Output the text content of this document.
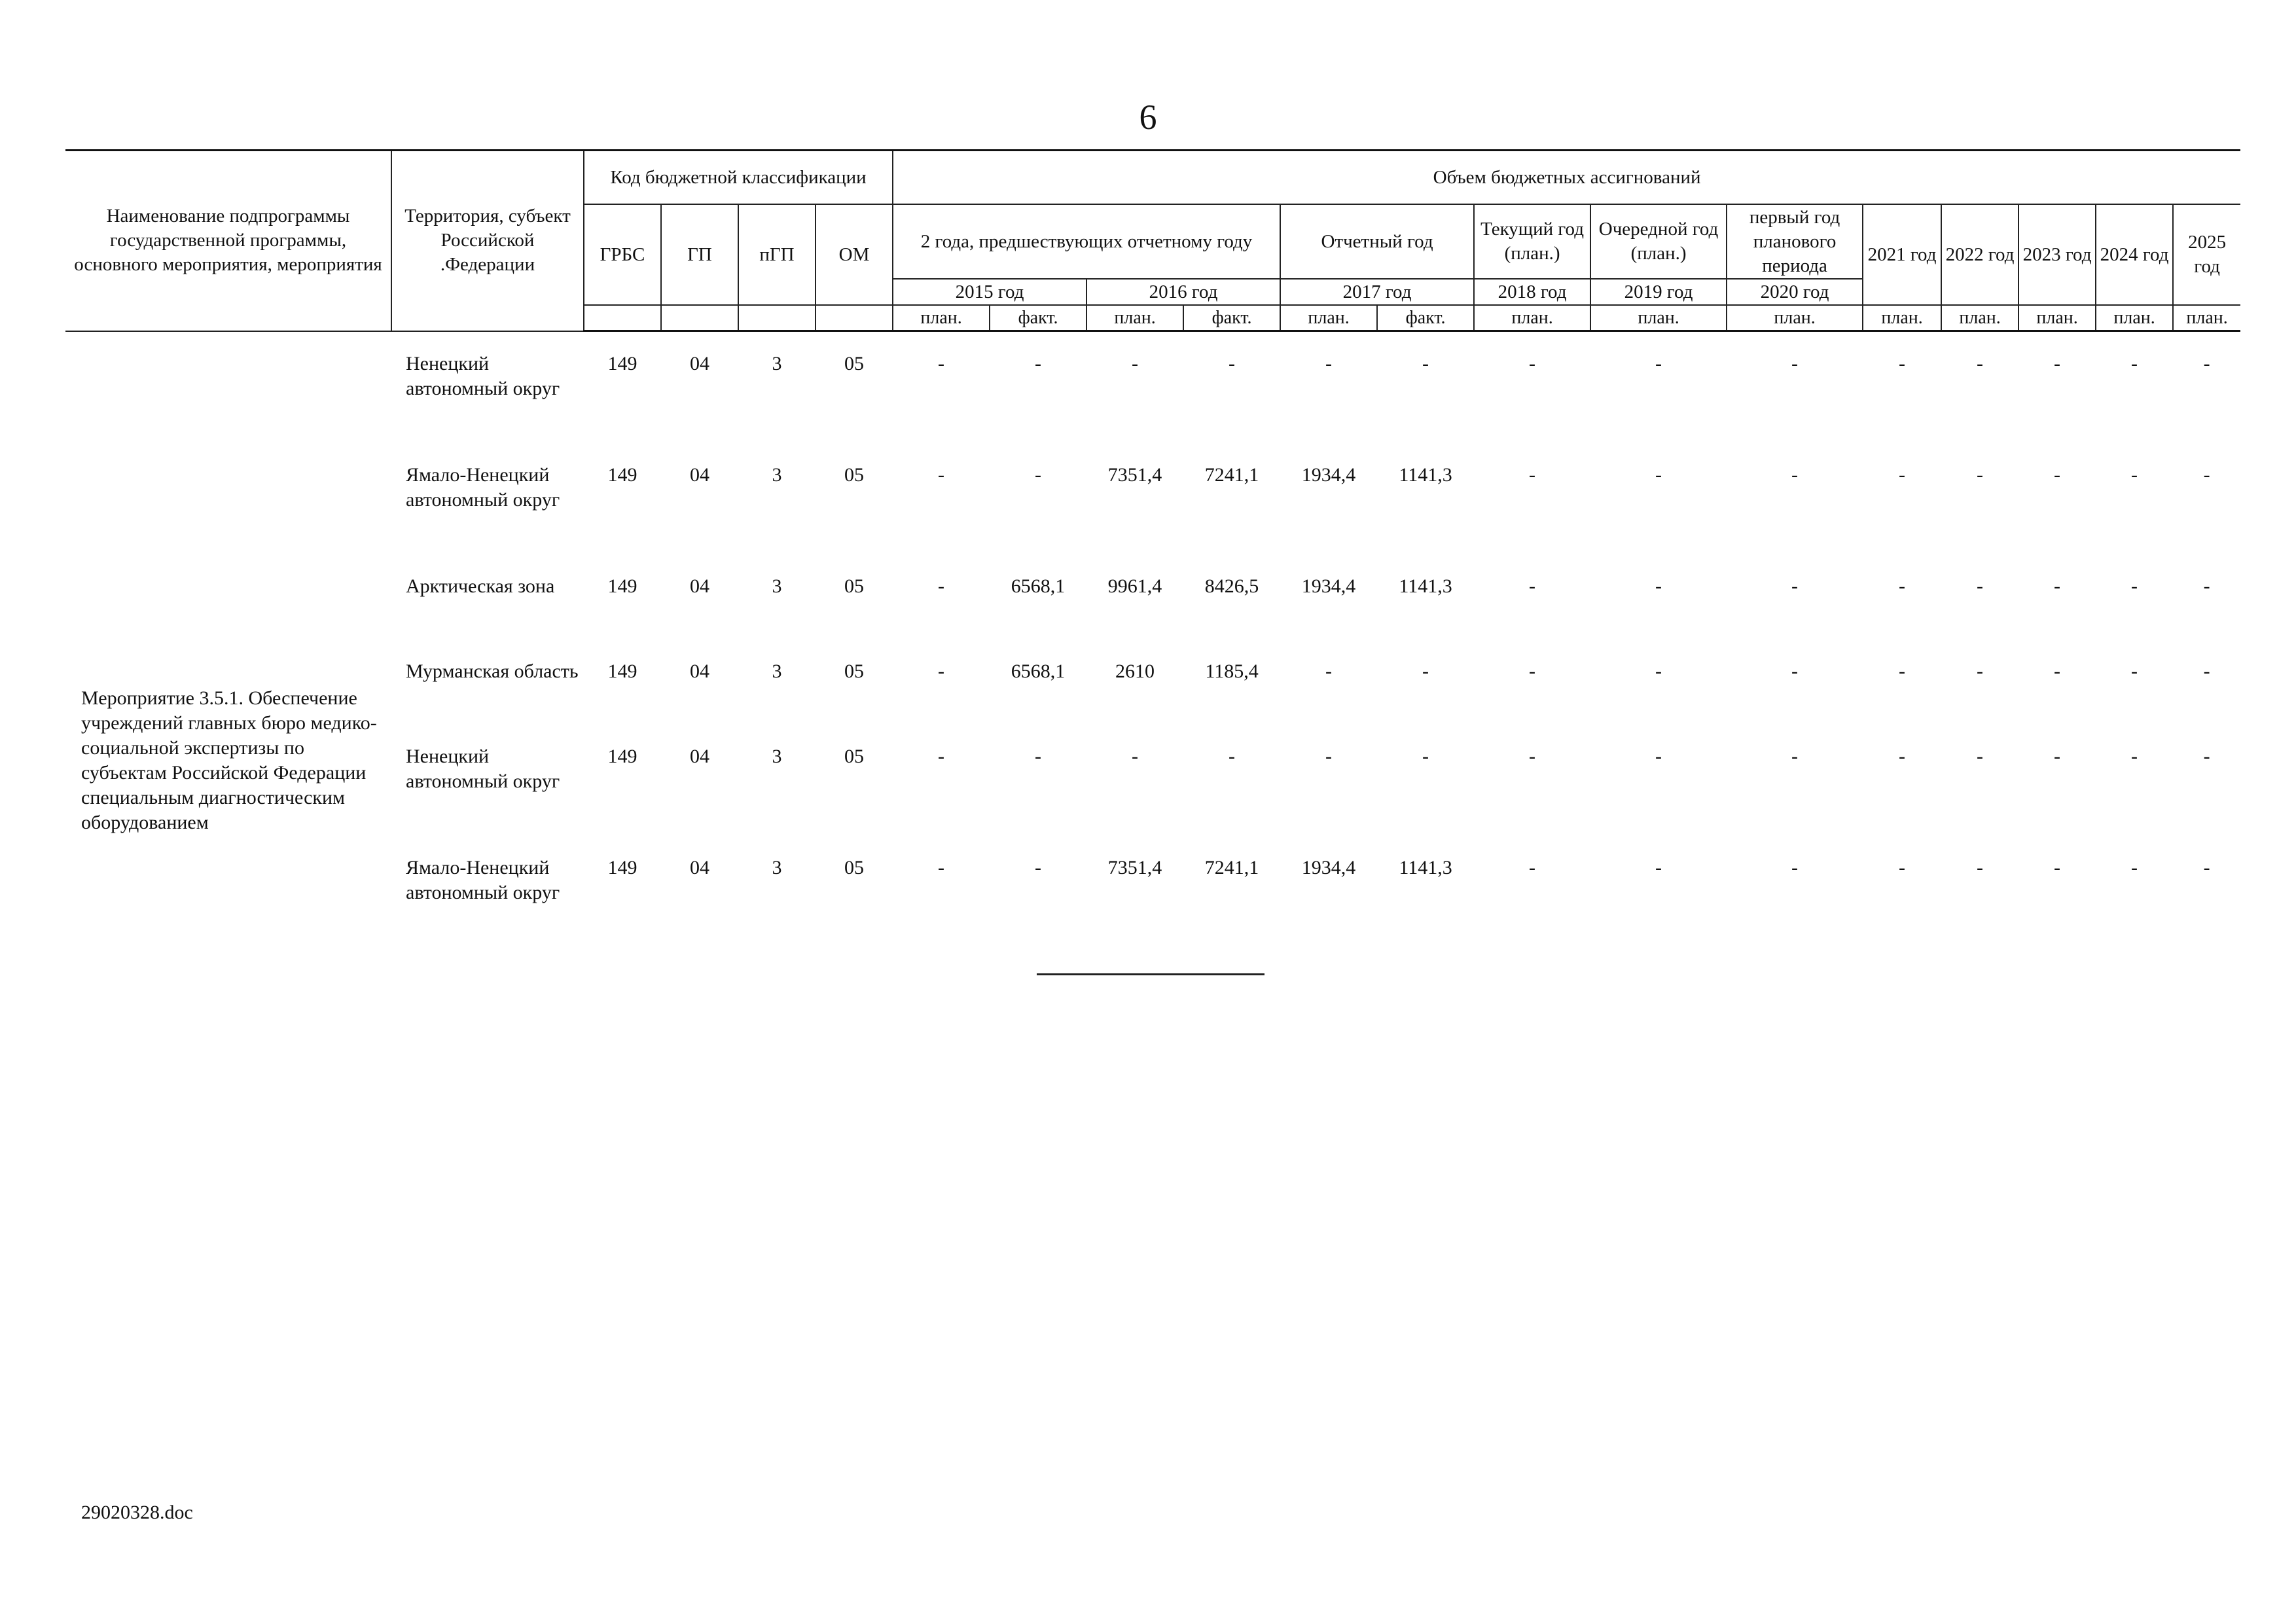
6
Наименование подпрограммы государственной программы, основного мероприятия, мероприятия	Территория, субъект Российской .Федерации	Код бюджетной классификации				Объем бюджетных ассигнований													
		ГРБС	ГП	пГП	ОМ	2 года, предшествующих отчетному году				Отчетный год		Текущий год (план.)	Очередной год (план.)	первый год планового периода	2021 год	2022 год	2023 год	2024 год	2025 год
						2015 год		2016 год		2017 год		2018 год	2019 год	2020 год					
						план.	факт.	план.	факт.	план.	факт.	план.	план.	план.	план.	план.	план.	план.	план.
	Ненецкий автономный округ	149	04	3	05	-	-	-	-	-	-	-	-	-	-	-	-	-	-
	Ямало-Ненецкий автономный округ	149	04	3	05	-	-	7351,4	7241,1	1934,4	1141,3	-	-	-	-	-	-	-	-
Мероприятие 3.5.1. Обеспечение учреждений главных бюро медико-социальной экспертизы по субъектам Российской Федерации специальным диагностическим оборудованием	Арктическая зона	149	04	3	05	-	6568,1	9961,4	8426,5	1934,4	1141,3	-	-	-	-	-	-	-	-
	Мурманская область	149	04	3	05	-	6568,1	2610	1185,4	-	-	-	-	-	-	-	-	-	-
	Ненецкий автономный округ	149	04	3	05	-	-	-	-	-	-	-	-	-	-	-	-	-	-
	Ямало-Ненецкий автономный округ	149	04	3	05	-	-	7351,4	7241,1	1934,4	1141,3	-	-	-	-	-	-	-	-
29020328.doc
